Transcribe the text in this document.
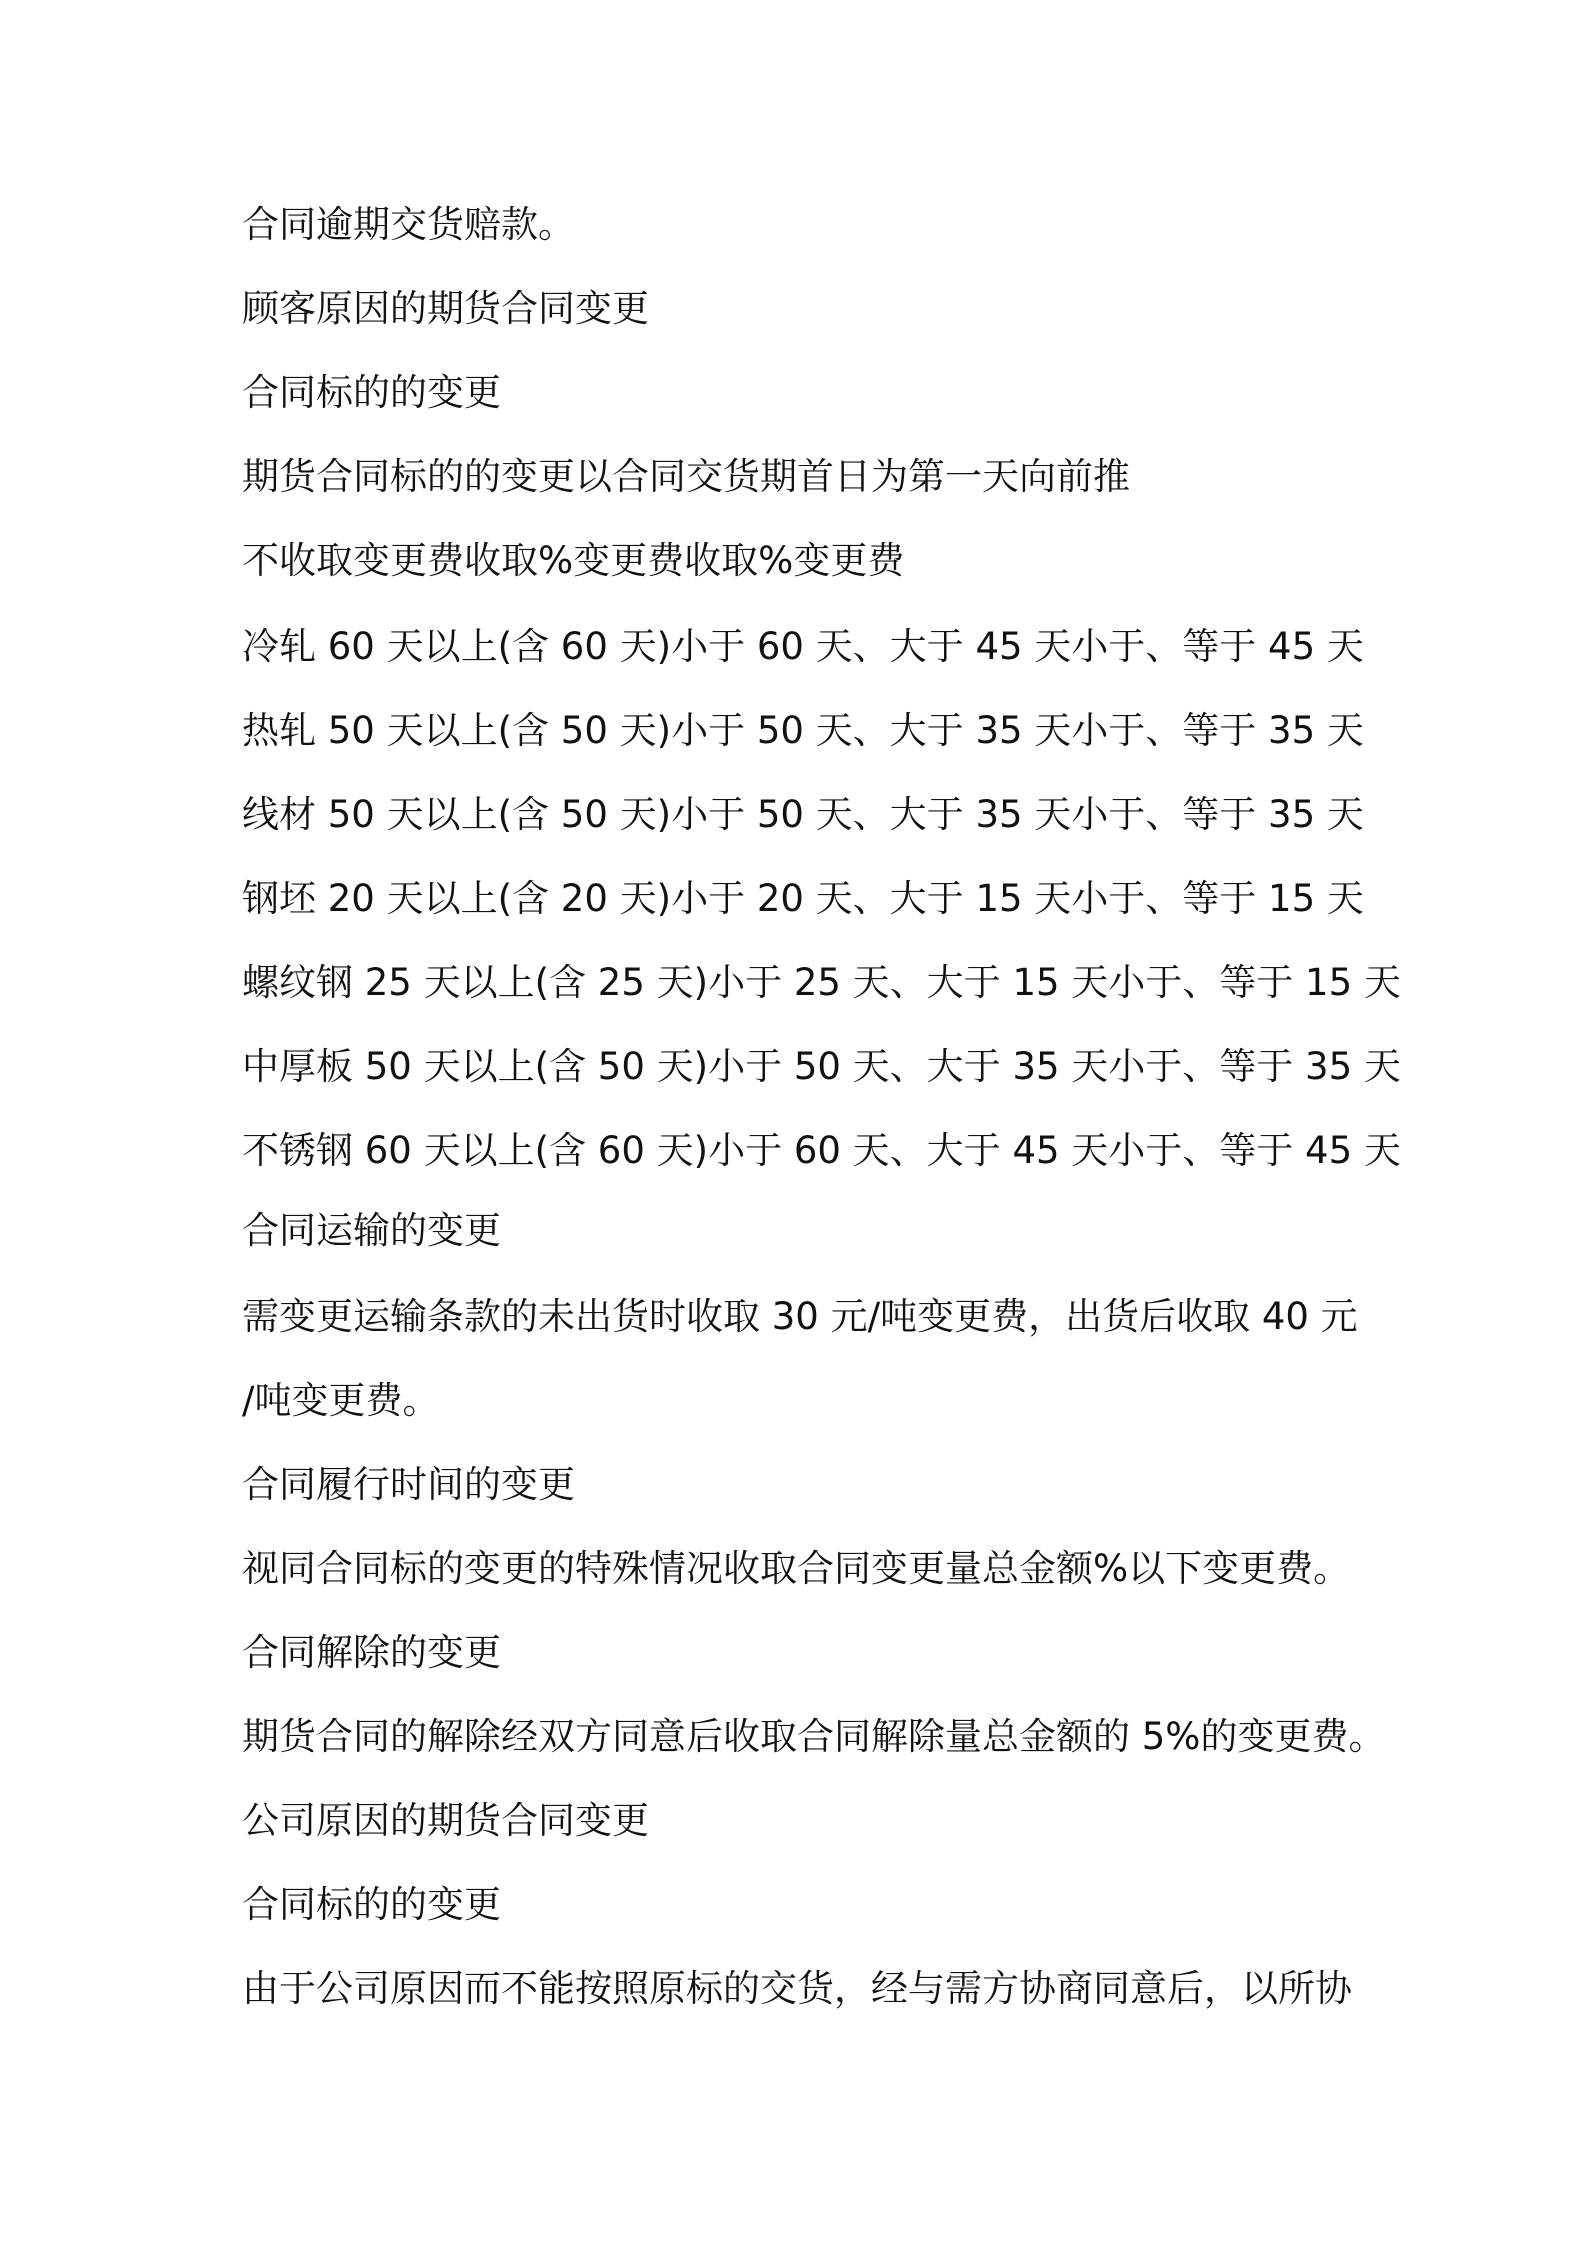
合同逾期交货赔款。
顾客原因的期货合同变更
合同标的的变更
期货合同标的的变更以合同交货期首日为第一天向前推
不收取变更费收取%变更费收取%变更费
冷轧 60 天以上(含 60 天)小于 60 天、大于 45 天小于、等于 45 天
热轧 50 天以上(含 50 天)小于 50 天、大于 35 天小于、等于 35 天
线材 50 天以上(含 50 天)小于 50 天、大于 35 天小于、等于 35 天
钢坯 20 天以上(含 20 天)小于 20 天、大于 15 天小于、等于 15 天
螺纹钢 25 天以上(含 25 天)小于 25 天、大于 15 天小于、等于 15 天
中厚板 50 天以上(含 50 天)小于 50 天、大于 35 天小于、等于 35 天
不锈钢 60 天以上(含 60 天)小于 60 天、大于 45 天小于、等于 45 天
合同运输的变更
需变更运输条款的未出货时收取 30 元/吨变更费，出货后收取 40 元
/吨变更费。
合同履行时间的变更
视同合同标的变更的特殊情况收取合同变更量总金额%以下变更费。
合同解除的变更
期货合同的解除经双方同意后收取合同解除量总金额的 5%的变更费。
公司原因的期货合同变更
合同标的的变更
由于公司原因而不能按照原标的交货，经与需方协商同意后，以所协
